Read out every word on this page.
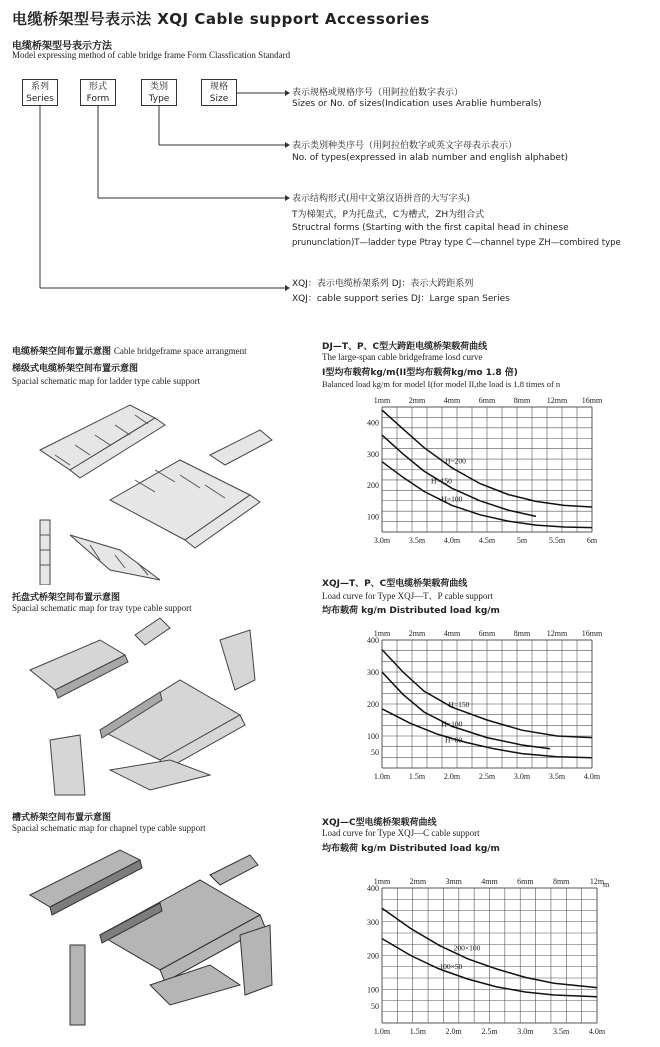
电缆桥架型号表示法 XQJ Cable support Accessories
电缆桥架型号表示方法
Model expressing method of cable bridge frame Form Classfication Standard
系列
Series
形式
Form
类别
Type
规格
Size
表示规格或规格序号（用阿拉伯数字表示）
Sizes or No. of sizes(Indication uses Arablie humberals)
表示类别种类序号（用阿拉伯数字或英文字母表示表示）
No. of types(expressed in alab number and english alphabet)
表示结构形式(用中文第汉语拼音的大写字头)
T为梯架式，P为托盘式，C为槽式，ZH为组合式
Structral forms (Starting with the first capital head in chinese
prununclation)T—ladder type Ptray type C—channel type ZH—combired type
XQJ：表示电缆桥架系列 DJ：表示大跨距系列
XQJ：cable support series DJ：Large span Series
电缆桥架空间布置示意图 Cable bridgeframe space arrangment
梯级式电缆桥架空间布置示意图
Spacial schematic map for ladder type cable support
托盘式桥架空间布置示意图
Spacial schematic map for tray type cable support
槽式桥架空间布置示意图
Spacial schematic map for chapnel type cable support
DJ—T、P、C型大跨距电缆桥架载荷曲线
The large-span cable bridgeframe losd curve
I型均布载荷kg/m(II型均布载荷kg/mo 1.8 倍)
Balanced load kg/m for model I(for model II,the load is 1.8 times of n
1mm 2mm 4mm 6mm 8mm 12mm 16mm
3.0m 3.5m 4.0m 4.5m	5m	5.5m	6m
100
200
300
400
H=200
H=150
H=100
XQJ—T、P、C型电缆桥架载荷曲线
Load curve for Type XQJ—T、P cable support
均布载荷 kg/m Distributed load kg/m
1mm 2mm 4mm 6mm 8mm 12mm 16mm
1.0m 1.5m 2.0m 2.5m 3.0m 3.5m 4.0m
50
100
200
300
400
H=150
H=100
H=60
XQJ—C型电缆桥架载荷曲线
Load curve for Type XQJ—C cable support
均布载荷 kg/m Distributed load kg/m
1mm 2mm 3mm 4mm 6mm 8mm	12m
m
1.0m 1.5m 2.0m 2.5m 3.0m 3.5m 4.0m
50
100
200
300
400
200×100
100×50
